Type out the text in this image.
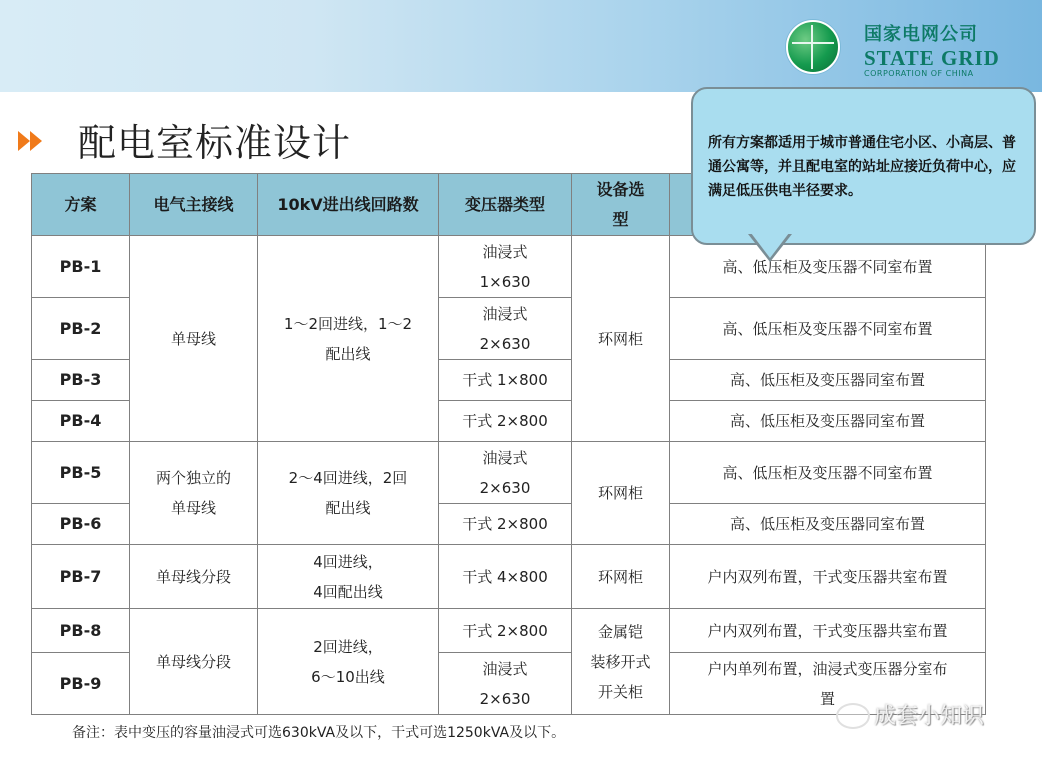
国家电网公司
STATE GRID
CORPORATION OF CHINA
配电室标准设计
方案	电气主接线	10kV进出线回路数	变压器类型	设备选
型	
PB-1	单母线	1～2回进线，1～2
配出线	油浸式
1×630	环网柜	高、低压柜及变压器不同室布置
PB-2			油浸式
2×630		高、低压柜及变压器不同室布置
PB-3			干式 1×800		高、低压柜及变压器同室布置
PB-4			干式 2×800		高、低压柜及变压器同室布置
PB-5	两个独立的
单母线	2～4回进线，2回
配出线	油浸式
2×630	环网柜	高、低压柜及变压器不同室布置
PB-6			干式 2×800		高、低压柜及变压器同室布置
PB-7	单母线分段	4回进线，
4回配出线	干式 4×800	环网柜	户内双列布置，干式变压器共室布置
PB-8	单母线分段	2回进线，
6～10出线	干式 2×800	金属铠
装移开式
开关柜	户内双列布置，干式变压器共室布置
PB-9			油浸式
2×630		户内单列布置，油浸式变压器分室布
置
所有方案都适用于城市普通住宅小区、小高层、普通公寓等，并且配电室的站址应接近负荷中心，应满足低压供电半径要求。
备注：表中变压的容量油浸式可选630kVA及以下，干式可选1250kVA及以下。
成套小知识
